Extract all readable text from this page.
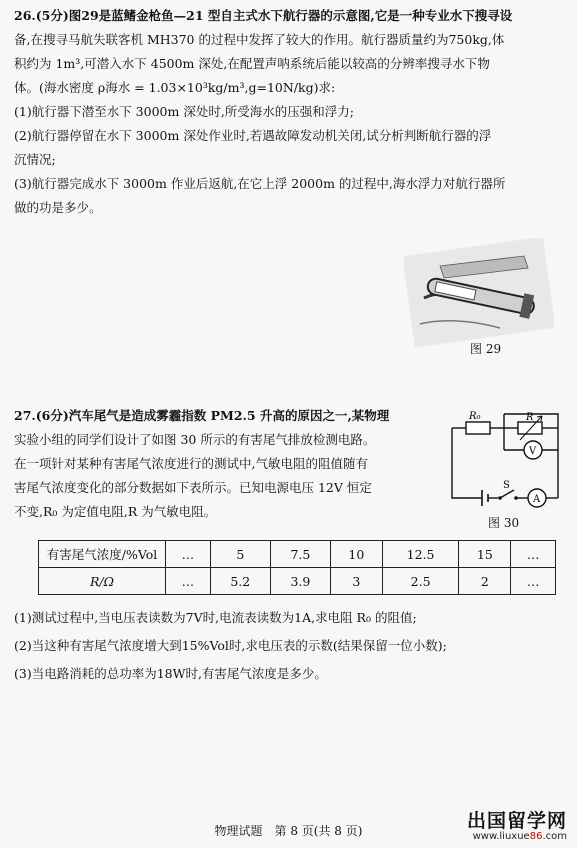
26.(5分)图29是蓝鳍金枪鱼—21 型自主式水下航行器的示意图,它是一种专业水下搜寻设
备,在搜寻马航失联客机 MH370 的过程中发挥了较大的作用。航行器质量约为750kg,体
积约为 1m³,可潜入水下 4500m 深处,在配置声呐系统后能以较高的分辨率搜寻水下物
体。(海水密度 ρ海水 = 1.03×10³kg/m³,g=10N/kg)求:
(1)航行器下潜至水下 3000m 深处时,所受海水的压强和浮力;
(2)航行器停留在水下 3000m 深处作业时,若遇故障发动机关闭,试分析判断航行器的浮
沉情况;
(3)航行器完成水下 3000m 作业后返航,在它上浮 2000m 的过程中,海水浮力对航行器所
做的功是多少。
图 29
27.(6分)汽车尾气是造成雾霾指数 PM2.5 升高的原因之一,某物理
实验小组的同学们设计了如图 30 所示的有害尾气排放检测电路。
在一项针对某种有害尾气浓度进行的测试中,气敏电阻的阻值随有
害尾气浓度变化的部分数据如下表所示。已知电源电压 12V 恒定
不变,R₀ 为定值电阻,R 为气敏电阻。
R₀	R
V
S
A
图 30
有害尾气浓度/%Vol	…	5	7.5	10	12.5	15	…
R/Ω	…	5.2	3.9	3	2.5	2	…
(1)测试过程中,当电压表读数为7V时,电流表读数为1A,求电阻 R₀ 的阻值;
(2)当这种有害尾气浓度增大到15%Vol时,求电压表的示数(结果保留一位小数);
(3)当电路消耗的总功率为18W时,有害尾气浓度是多少。
物理试题　第 8 页(共 8 页)	出国留学网
www.liuxue86.com
